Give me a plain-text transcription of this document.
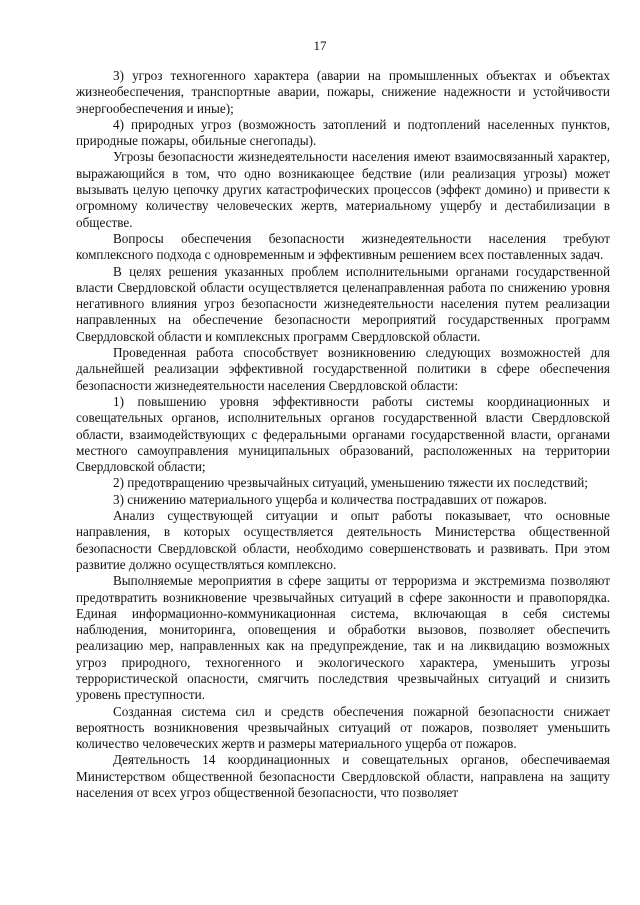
17

3) угроз техногенного характера (аварии на промышленных объектах и объектах жизнеобеспечения, транспортные аварии, пожары, снижение надежности и устойчивости энергообеспечения и иные);

4) природных угроз (возможность затоплений и подтоплений населенных пунктов, природные пожары, обильные снегопады).

Угрозы безопасности жизнедеятельности населения имеют взаимосвязанный характер, выражающийся в том, что одно возникающее бедствие (или реализация угрозы) может вызывать целую цепочку других катастрофических процессов (эффект домино) и привести к огромному количеству человеческих жертв, материальному ущербу и дестабилизации в обществе.

Вопросы обеспечения безопасности жизнедеятельности населения требуют комплексного подхода с одновременным и эффективным решением всех поставленных задач.

В целях решения указанных проблем исполнительными органами государственной власти Свердловской области осуществляется целенаправленная работа по снижению уровня негативного влияния угроз безопасности жизнедеятельности населения путем реализации направленных на обеспечение безопасности мероприятий государственных программ Свердловской области и комплексных программ Свердловской области.

Проведенная работа способствует возникновению следующих возможностей для дальнейшей реализации эффективной государственной политики в сфере обеспечения безопасности жизнедеятельности населения Свердловской области:

1) повышению уровня эффективности работы системы координационных и совещательных органов, исполнительных органов государственной власти Свердловской области, взаимодействующих с федеральными органами государственной власти, органами местного самоуправления муниципальных образований, расположенных на территории Свердловской области;

2) предотвращению чрезвычайных ситуаций, уменьшению тяжести их последствий;

3) снижению материального ущерба и количества пострадавших от пожаров.

Анализ существующей ситуации и опыт работы показывает, что основные направления, в которых осуществляется деятельность Министерства общественной безопасности Свердловской области, необходимо совершенствовать и развивать. При этом развитие должно осуществляться комплексно.

Выполняемые мероприятия в сфере защиты от терроризма и экстремизма позволяют предотвратить возникновение чрезвычайных ситуаций в сфере законности и правопорядка. Единая информационно-коммуникационная система, включающая в себя системы наблюдения, мониторинга, оповещения и обработки вызовов, позволяет обеспечить реализацию мер, направленных как на предупреждение, так и на ликвидацию возможных угроз природного, техногенного и экологического характера, уменьшить угрозы террористической опасности, смягчить последствия чрезвычайных ситуаций и снизить уровень преступности.

Созданная система сил и средств обеспечения пожарной безопасности снижает вероятность возникновения чрезвычайных ситуаций от пожаров, позволяет уменьшить количество человеческих жертв и размеры материального ущерба от пожаров.

Деятельность 14 координационных и совещательных органов, обеспечиваемая Министерством общественной безопасности Свердловской области, направлена на защиту населения от всех угроз общественной безопасности, что позволяет
